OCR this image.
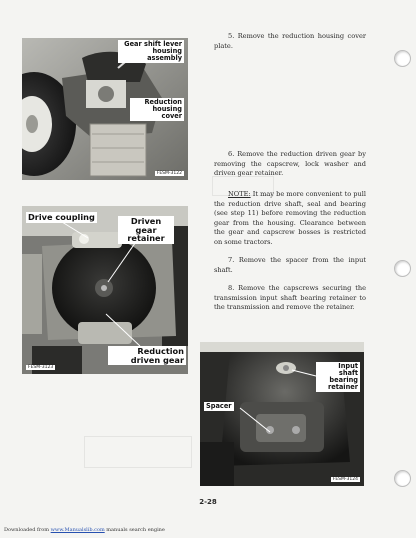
Gear shift lever housing assembly
Reduction housing cover
FESM-3122
Drive coupling	Driven gear retainer
Reduction driven gear
FESM-3123

5. Remove the reduction housing cover plate.

6. Remove the reduction driven gear by removing the capscrew, lock washer and driven gear retainer.

NOTE: It may be more convenient to pull the reduction drive shaft, seal and bearing (see step 11) before removing the reduction gear from the housing. Clearance between the gear and capscrew bosses is restricted on some tractors.

7. Remove the spacer from the input shaft.

8. Remove the capscrews securing the transmission input shaft bearing retainer to the transmission and remove the retainer.

Input shaft bearing retainer
Spacer
FESM-3124
2-28
Downloaded from www.Manualslib.com manuals search engine
